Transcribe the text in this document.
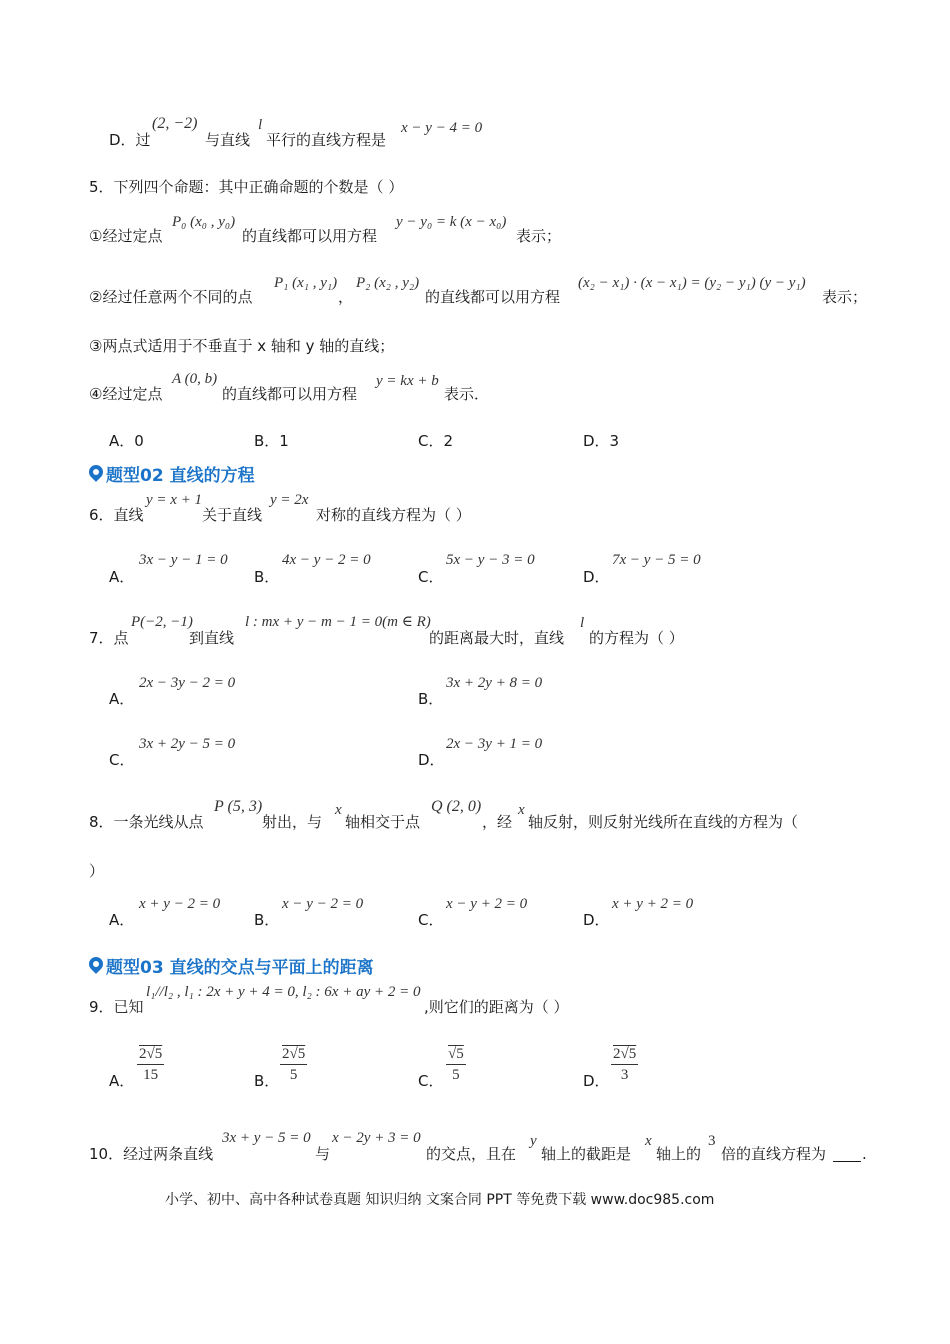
D．过
(2, −2)
与直线
l
平行的直线方程是
x − y − 4 = 0
5．下列四个命题：其中正确命题的个数是（ ）
①经过定点
P₀ (x₀ , y₀)
的直线都可以用方程
y − y₀ = k (x − x₀)
表示；
②经过任意两个不同的点
P₁ (x₁ , y₁)
，
P₂ (x₂ , y₂)
的直线都可以用方程
(x₂ − x₁) · (x − x₁) = (y₂ − y₁) (y − y₁)
表示；
③两点式适用于不垂直于 x 轴和 y 轴的直线；
④经过定点
A (0, b)
的直线都可以用方程
y = kx + b
表示．
A．0	B．1	C．2	D．3
题型02 直线的方程
6．直线
y = x + 1
关于直线
y = 2x
对称的直线方程为（ ）
A．
3x − y − 1 = 0
B．
4x − y − 2 = 0
C．
5x − y − 3 = 0
D．
7x − y − 5 = 0
7．点
P(−2, −1)
到直线
l : mx + y − m − 1 = 0(m ∈ R)
的距离最大时，直线
l
的方程为（ ）
A．
2x − 3y − 2 = 0
B．
3x + 2y + 8 = 0
C．
3x + 2y − 5 = 0
D．
2x − 3y + 1 = 0
8．一条光线从点
P (5, 3)
射出，与
x
轴相交于点
Q (2, 0)
，经
x
轴反射，则反射光线所在直线的方程为（
）
A．
x + y − 2 = 0
B．
x − y − 2 = 0
C．
x − y + 2 = 0
D．
x + y + 2 = 0
题型03 直线的交点与平面上的距离
9．已知
l₁//l₂ , l₁ : 2x + y + 4 = 0, l₂ : 6x + ay + 2 = 0
,则它们的距离为（ ）
A． $\frac{2√5}{15}$	B． $\frac{2√5}{5}$	C． $\frac{√5}{5}$	D． $\frac{2√5}{3}$
10．经过两条直线
3x + y − 5 = 0
与
x − 2y + 3 = 0
的交点，且在
y
轴上的截距是
x
轴上的
3
倍的直线方程为 .
小学、初中、高中各种试卷真题 知识归纳 文案合同 PPT 等免费下载 www.doc985.com
